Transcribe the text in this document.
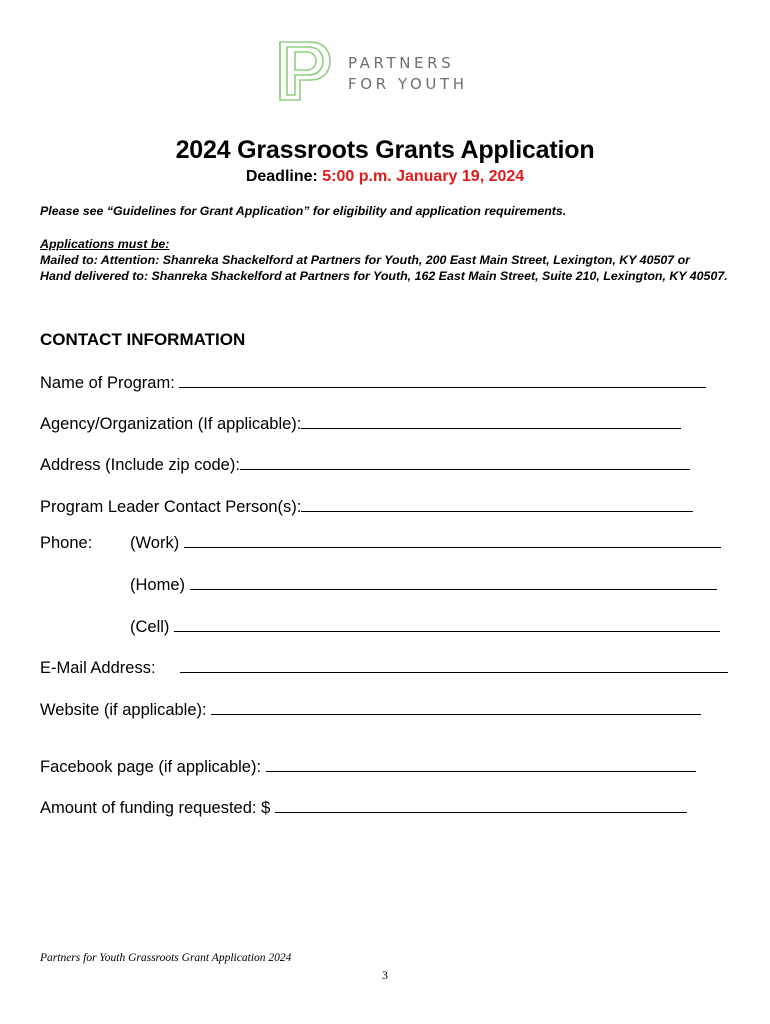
PARTNERS
FOR YOUTH
2024 Grassroots Grants Application
Deadline: 5:00 p.m. January 19, 2024
Please see “Guidelines for Grant Application” for eligibility and application requirements.
Applications must be:
Mailed to: Attention: Shanreka Shackelford at Partners for Youth, 200 East Main Street, Lexington, KY 40507 or
Hand delivered to: Shanreka Shackelford at Partners for Youth, 162 East Main Street, Suite 210, Lexington, KY 40507.
CONTACT INFORMATION
Name of Program:
Agency/Organization (If applicable):
Address (Include zip code):
Program Leader Contact Person(s):
Phone: (Work)
(Home)
(Cell)
E-Mail Address:
Website (if applicable):
Facebook page (if applicable):
Amount of funding requested: $
Partners for Youth Grassroots Grant Application 2024
3
